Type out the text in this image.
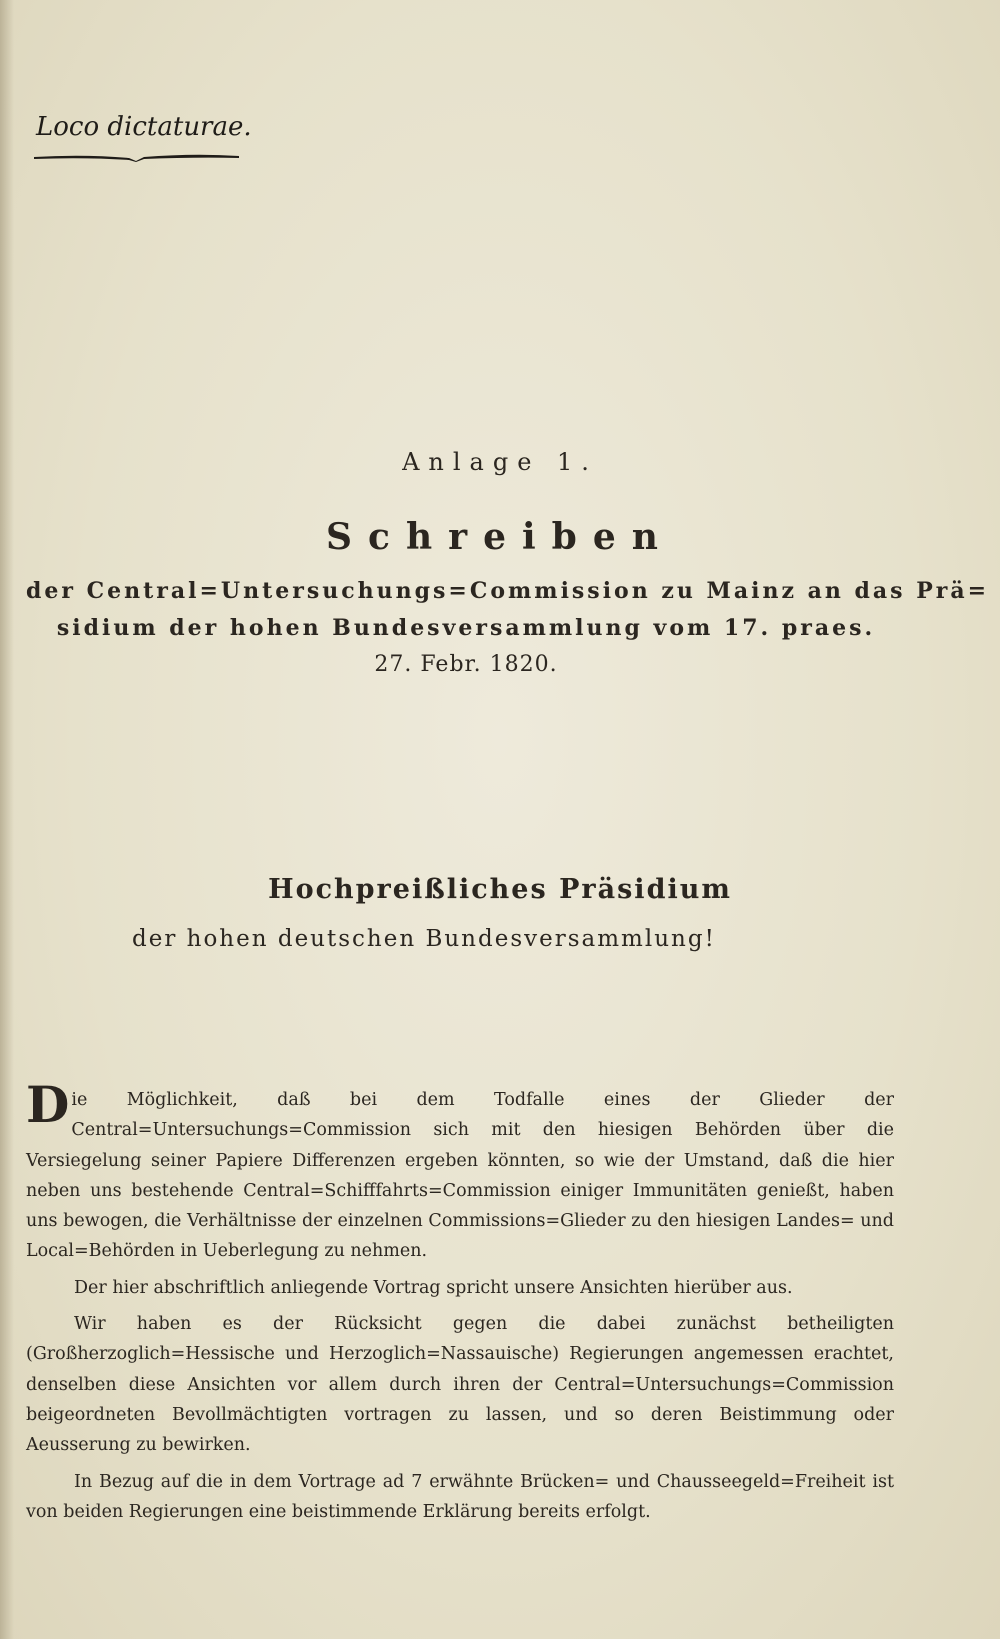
Loco dictaturae.
Anlage 1.
Schreiben
der Central=Untersuchungs=Commission zu Mainz an das Prä=
sidium der hohen Bundesversammlung vom 17. praes.
27. Febr. 1820.
Hochpreißliches Präsidium
der hohen deutschen Bundesversammlung!

Die Möglichkeit, daß bei dem Todfalle eines der Glieder der Central=Untersuchungs=Commission sich mit den hiesigen Behörden über die Versiegelung seiner Papiere Differenzen ergeben könnten, so wie der Umstand, daß die hier neben uns bestehende Central=Schifffahrts=Commission einiger Immunitäten genießt, haben uns bewogen, die Verhältnisse der einzelnen Commissions=Glieder zu den hiesigen Landes= und Local=Behörden in Ueberlegung zu nehmen.

Der hier abschriftlich anliegende Vortrag spricht unsere Ansichten hierüber aus.

Wir haben es der Rücksicht gegen die dabei zunächst betheiligten (Großherzoglich=Hessische und Herzoglich=Nassauische) Regierungen angemessen erachtet, denselben diese Ansichten vor allem durch ihren der Central=Untersuchungs=Commission beigeordneten Bevollmächtigten vortragen zu lassen, und so deren Beistimmung oder Aeusserung zu bewirken.

In Bezug auf die in dem Vortrage ad 7 erwähnte Brücken= und Chausseegeld=Freiheit ist von beiden Regierungen eine beistimmende Erklärung bereits erfolgt.
